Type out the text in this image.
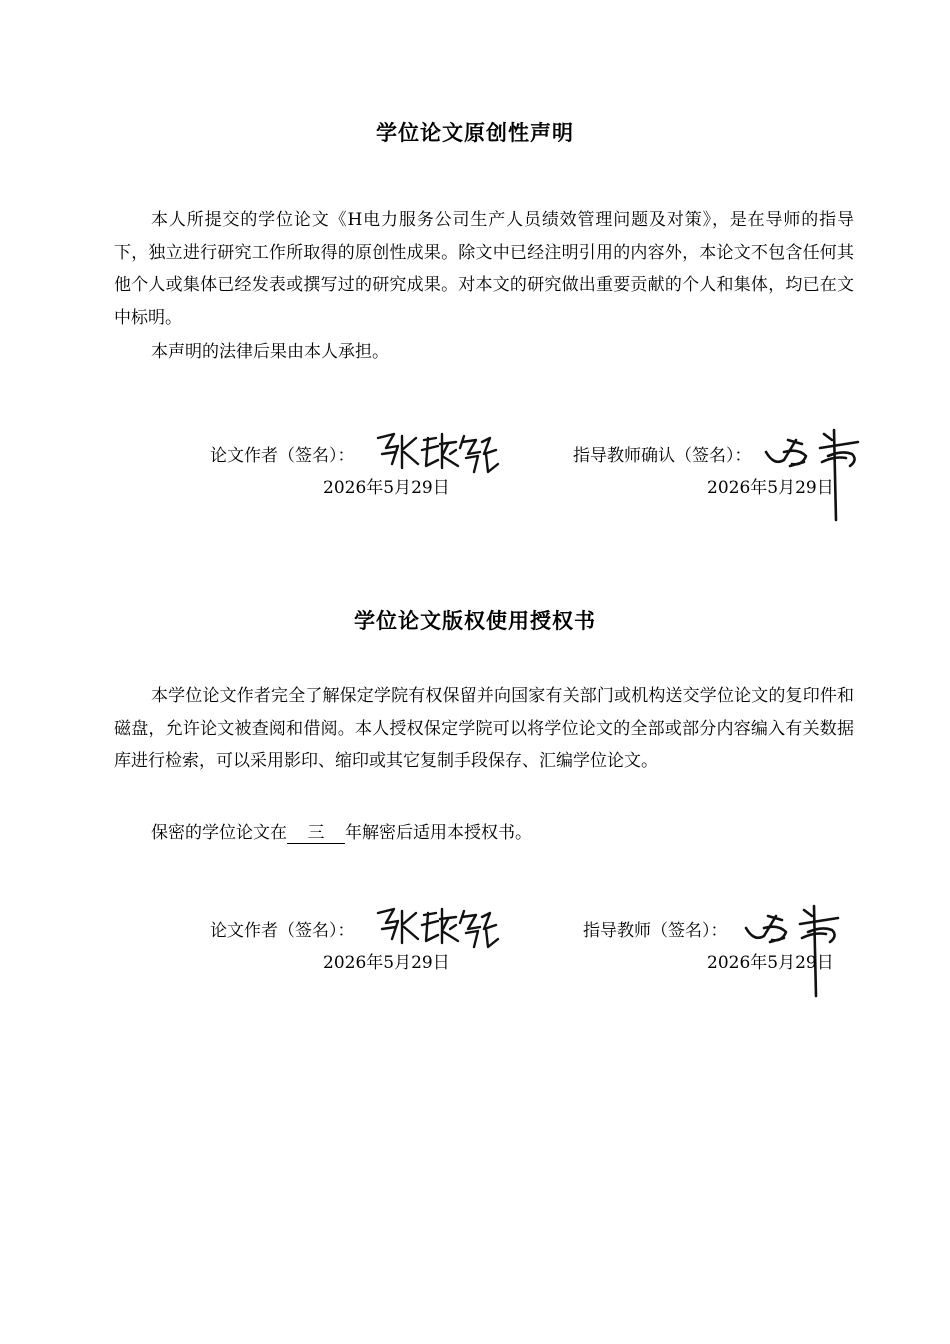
学位论文原创性声明

本人所提交的学位论文《H电力服务公司生产人员绩效管理问题及对策》，是在导师的指导下，独立进行研究工作所取得的原创性成果。除文中已经注明引用的内容外，本论文不包含任何其他个人或集体已经发表或撰写过的研究成果。对本文的研究做出重要贡献的个人和集体，均已在文中标明。

本声明的法律后果由本人承担。

论文作者（签名）：
2026年5月29日
指导教师确认（签名）：
2026年5月29日
学位论文版权使用授权书

本学位论文作者完全了解保定学院有权保留并向国家有关部门或机构送交学位论文的复印件和磁盘，允许论文被查阅和借阅。本人授权保定学院可以将学位论文的全部或部分内容编入有关数据库进行检索，可以采用影印、缩印或其它复制手段保存、汇编学位论文。

保密的学位论文在 三 年解密后适用本授权书。
论文作者（签名）：
2026年5月29日
指导教师（签名）：
2026年5月29日
